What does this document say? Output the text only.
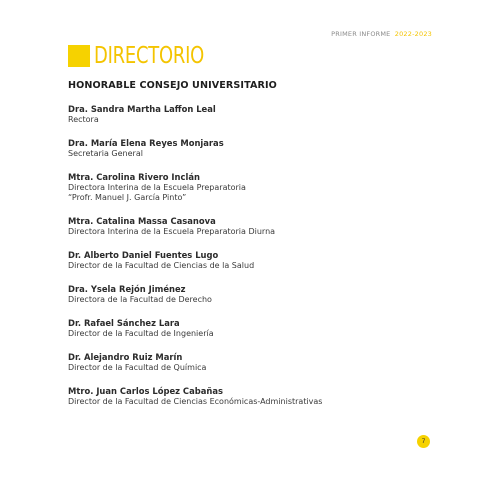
PRIMER INFORME 2022-2023
DIRECTORIO
HONORABLE CONSEJO UNIVERSITARIO
Dra. Sandra Martha Laffon Leal
Rectora
Dra. María Elena Reyes Monjaras
Secretaria General
Mtra. Carolina Rivero Inclán
Directora Interina de la Escuela Preparatoria
“Profr. Manuel J. García Pinto”
Mtra. Catalina Massa Casanova
Directora Interina de la Escuela Preparatoria Diurna
Dr. Alberto Daniel Fuentes Lugo
Director de la Facultad de Ciencias de la Salud
Dra. Ysela Rejón Jiménez
Directora de la Facultad de Derecho
Dr. Rafael Sánchez Lara
Director de la Facultad de Ingeniería
Dr. Alejandro Ruiz Marín
Director de la Facultad de Química
Mtro. Juan Carlos López Cabañas
Director de la Facultad de Ciencias Económicas-Administrativas
7
